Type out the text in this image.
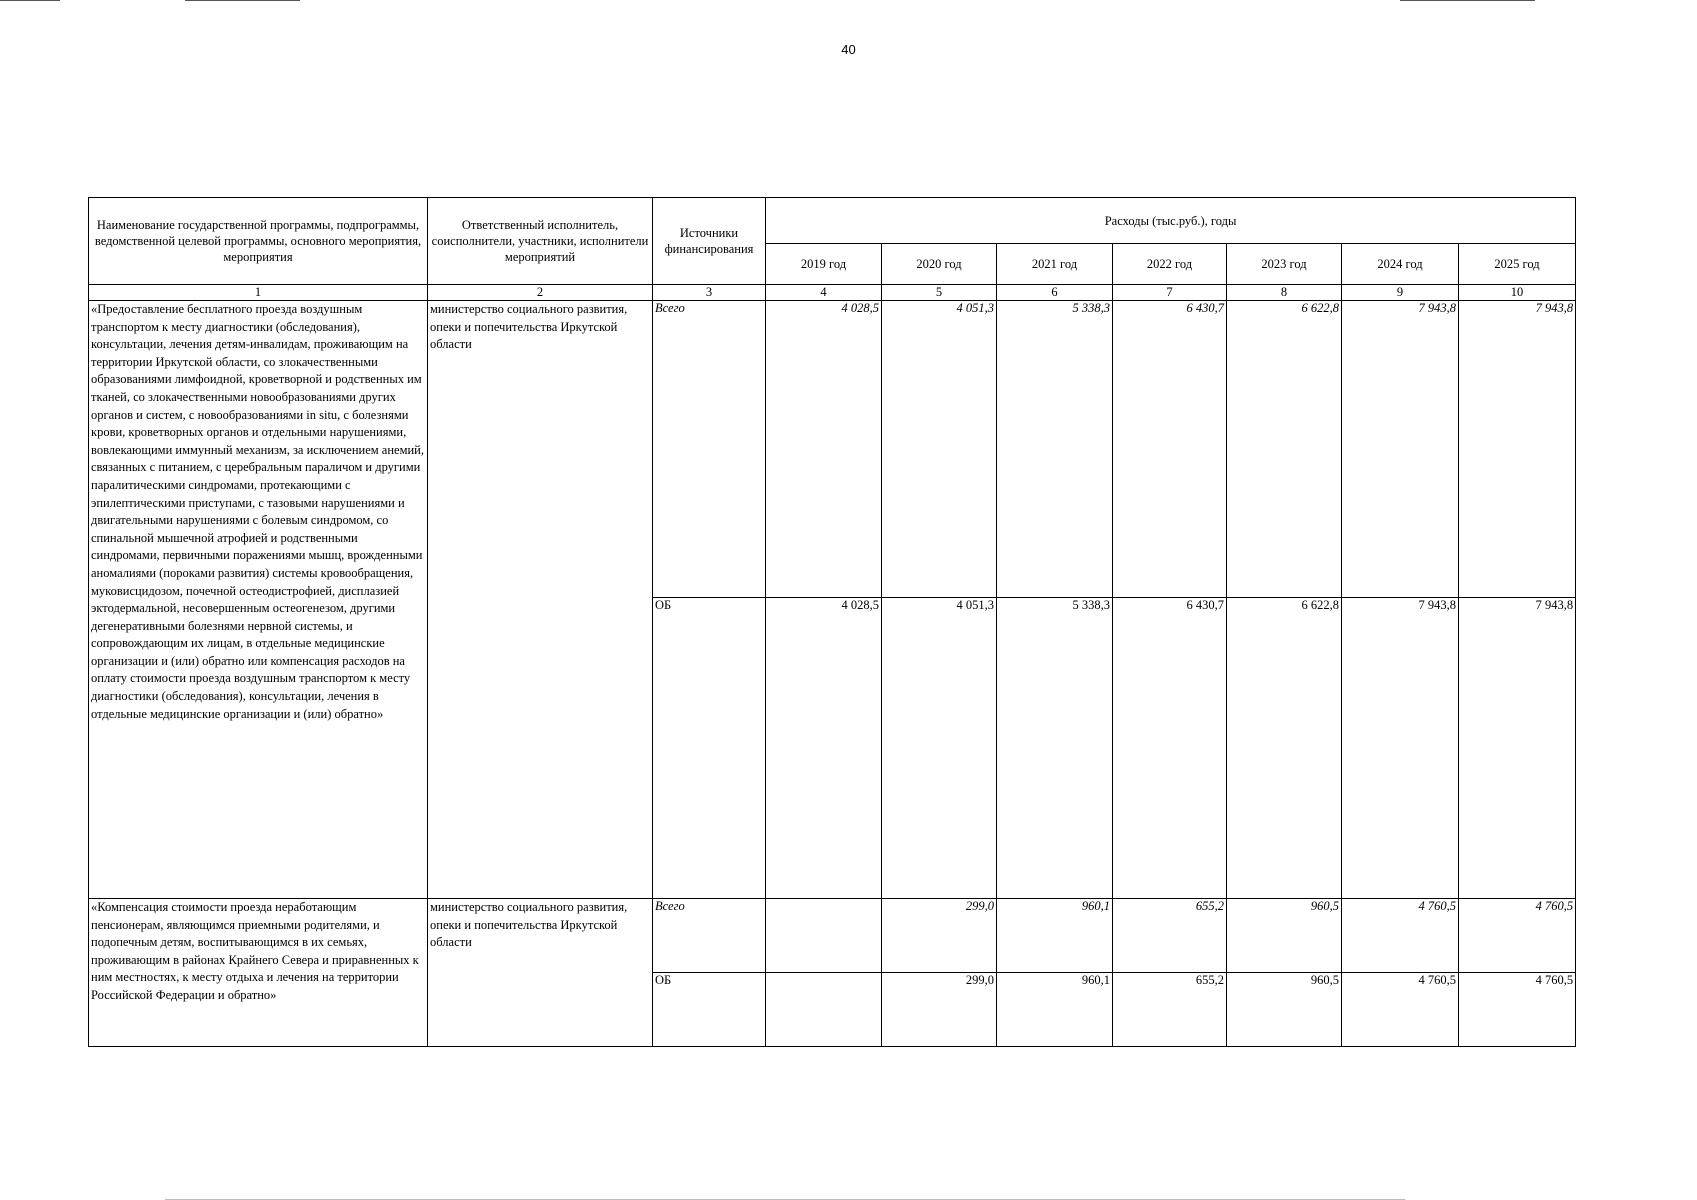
40
Наименование государственной программы, подпрограммы, ведомственной целевой программы, основного мероприятия, мероприятия	Ответственный исполнитель, соисполнители, участники, исполнители мероприятий	Источники финансирования	Расходы (тыс.руб.), годы						
			2019 год	2020 год	2021 год	2022 год	2023 год	2024 год	2025 год
1	2	3	4	5	6	7	8	9	10
«Предоставление бесплатного проезда воздушным транспортом к месту диагностики (обследования), консультации, лечения детям-инвалидам, проживающим на территории Иркутской области, со злокачественными образованиями лимфоидной, кроветворной и родственных им тканей, со злокачественными новообразованиями других органов и систем, с новообразованиями in situ, с болезнями крови, кроветворных органов и отдельными нарушениями, вовлекающими иммунный механизм, за исключением анемий, связанных с питанием, с церебральным параличом и другими паралитическими синдромами, протекающими с эпилептическими приступами, с тазовыми нарушениями и двигательными нарушениями с болевым синдромом, со спинальной мышечной атрофией и родственными синдромами, первичными поражениями мышц, врожденными аномалиями (пороками развития) системы кровообращения, муковисцидозом, почечной остеодистрофией, дисплазией эктодермальной, несовершенным остеогенезом, другими дегенеративными болезнями нервной системы, и сопровождающим их лицам, в отдельные медицинские организации и (или) обратно или компенсация расходов на оплату стоимости проезда воздушным транспортом к месту диагностики (обследования), консультации, лечения в отдельные медицинские организации и (или) обратно»	министерство социального развития, опеки и попечительства Иркутской области	Всего	4 028,5	4 051,3	5 338,3	6 430,7	6 622,8	7 943,8	7 943,8
		ОБ	4 028,5	4 051,3	5 338,3	6 430,7	6 622,8	7 943,8	7 943,8
«Компенсация стоимости проезда неработающим пенсионерам, являющимся приемными родителями, и подопечным детям, воспитывающимся в их семьях, проживающим в районах Крайнего Севера и приравненных к ним местностях, к месту отдыха и лечения на территории Российской Федерации и обратно»	министерство социального развития, опеки и попечительства Иркутской области	Всего		299,0	960,1	655,2	960,5	4 760,5	4 760,5
		ОБ		299,0	960,1	655,2	960,5	4 760,5	4 760,5
